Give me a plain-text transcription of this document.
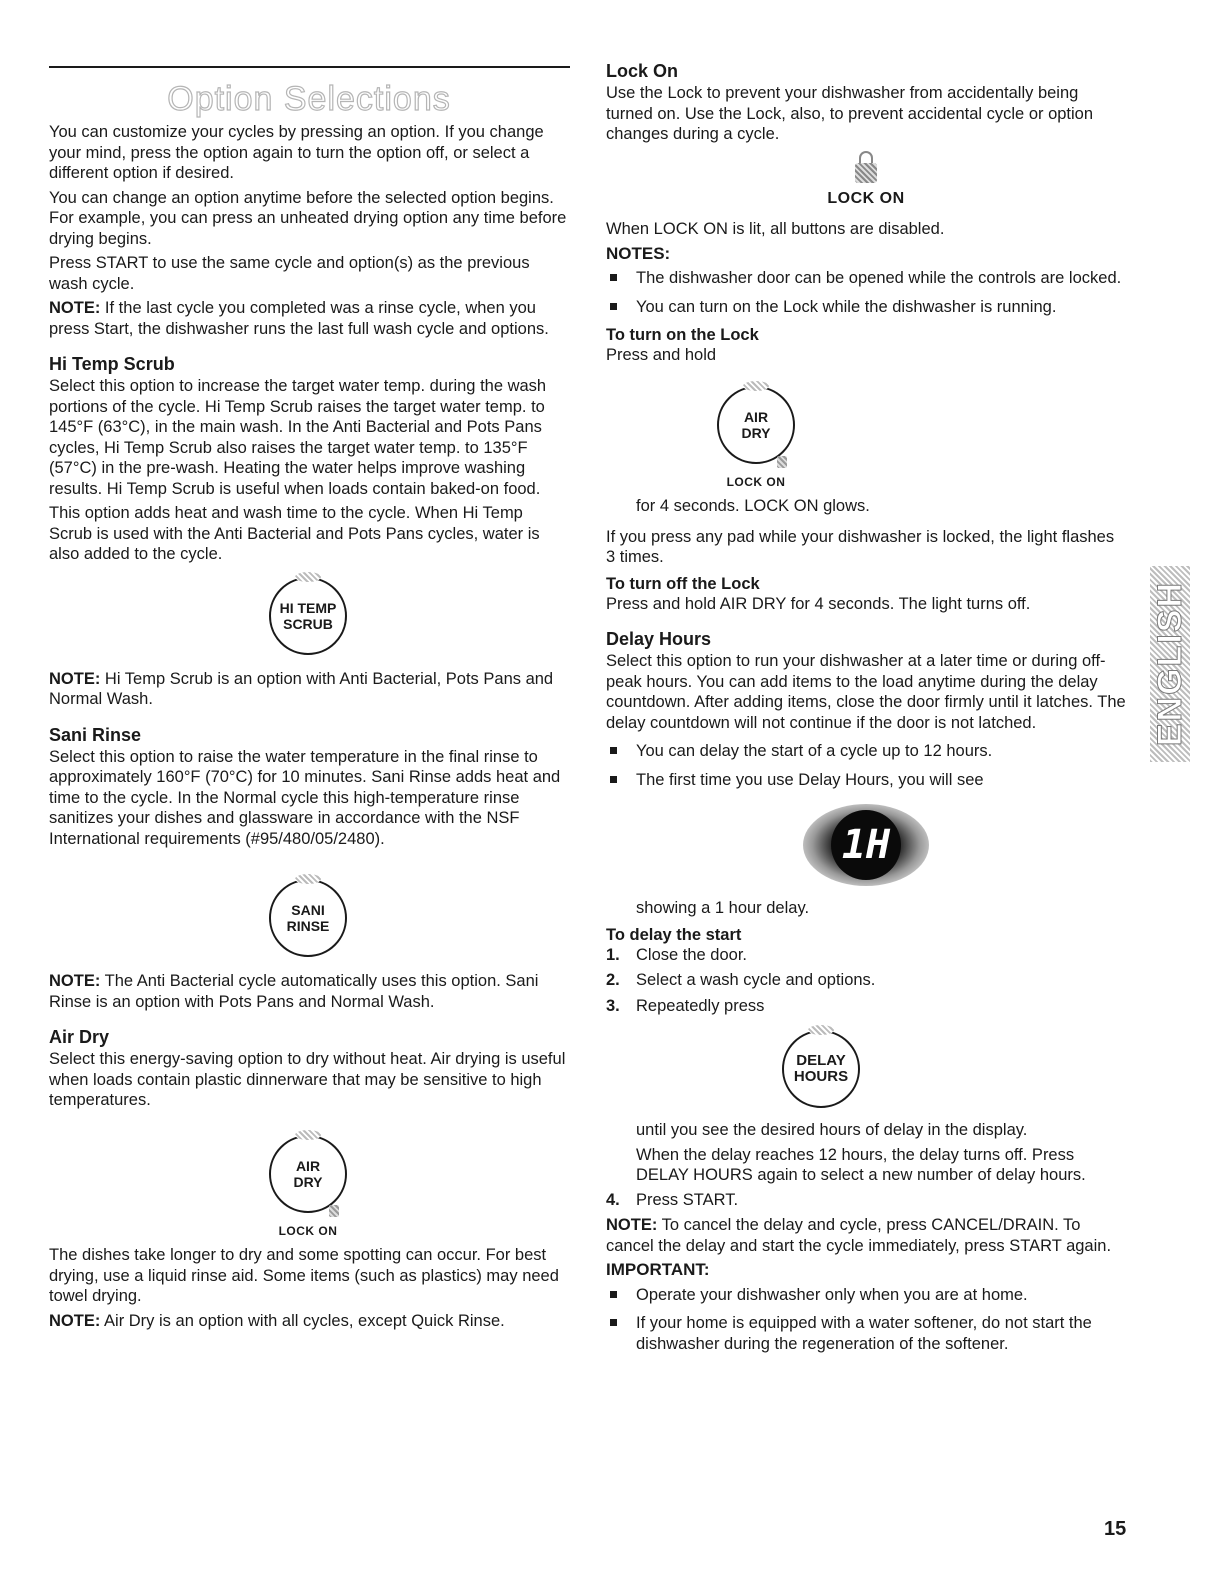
Option Selections

You can customize your cycles by pressing an option. If you change your mind, press the option again to turn the option off, or select a different option if desired.

You can change an option anytime before the selected option begins. For example, you can press an unheated drying option any time before drying begins.

Press START to use the same cycle and option(s) as the previous wash cycle.

NOTE: If the last cycle you completed was a rinse cycle, when you press Start, the dishwasher runs the last full wash cycle and options.

Hi Temp Scrub

Select this option to increase the target water temp. during the wash portions of the cycle. Hi Temp Scrub raises the target water temp. to 145°F (63°C), in the main wash. In the Anti Bacterial and Pots Pans cycles, Hi Temp Scrub also raises the target water temp. to 135°F (57°C) in the pre-wash. Heating the water helps improve washing results. Hi Temp Scrub is useful when loads contain baked-on food.

This option adds heat and wash time to the cycle. When Hi Temp Scrub is used with the Anti Bacterial and Pots Pans cycles, water is also added to the cycle.

HI TEMP
SCRUB

NOTE: Hi Temp Scrub is an option with Anti Bacterial, Pots Pans and Normal Wash.

Sani Rinse

Select this option to raise the water temperature in the final rinse to approximately 160°F (70°C) for 10 minutes. Sani Rinse adds heat and time to the cycle. In the Normal cycle this high-temperature rinse sanitizes your dishes and glassware in accordance with the NSF International requirements (#95/480/05/2480).

SANI
RINSE

NOTE: The Anti Bacterial cycle automatically uses this option. Sani Rinse is an option with Pots Pans and Normal Wash.

Air Dry

Select this energy-saving option to dry without heat. Air drying is useful when loads contain plastic dinnerware that may be sensitive to high temperatures.

AIR
DRY
LOCK ON

The dishes take longer to dry and some spotting can occur. For best drying, use a liquid rinse aid. Some items (such as plastics) may need towel drying.

NOTE: Air Dry is an option with all cycles, except Quick Rinse.

Lock On

Use the Lock to prevent your dishwasher from accidentally being turned on. Use the Lock, also, to prevent accidental cycle or option changes during a cycle.

LOCK ON

When LOCK ON is lit, all buttons are disabled.

NOTES:
The dishwasher door can be opened while the controls are locked.
You can turn on the Lock while the dishwasher is running.
To turn on the Lock

Press and hold

AIR
DRY
LOCK ON

for 4 seconds. LOCK ON glows.

If you press any pad while your dishwasher is locked, the light flashes 3 times.

To turn off the Lock

Press and hold AIR DRY for 4 seconds. The light turns off.

Delay Hours

Select this option to run your dishwasher at a later time or during off-peak hours. You can add items to the load anytime during the delay countdown. After adding items, close the door firmly until it latches. The delay countdown will not continue if the door is not latched.

You can delay the start of a cycle up to 12 hours.
The first time you use Delay Hours, you will see
1H

showing a 1 hour delay.

To delay the start
1. Close the door.
2. Select a wash cycle and options.
3. Repeatedly press
DELAY
HOURS

until you see the desired hours of delay in the display.

When the delay reaches 12 hours, the delay turns off. Press DELAY HOURS again to select a new number of delay hours.

4. Press START.

NOTE: To cancel the delay and cycle, press CANCEL/DRAIN. To cancel the delay and start the cycle immediately, press START again.

IMPORTANT:
Operate your dishwasher only when you are at home.
If your home is equipped with a water softener, do not start the dishwasher during the regeneration of the softener.
ENGLISH
15
